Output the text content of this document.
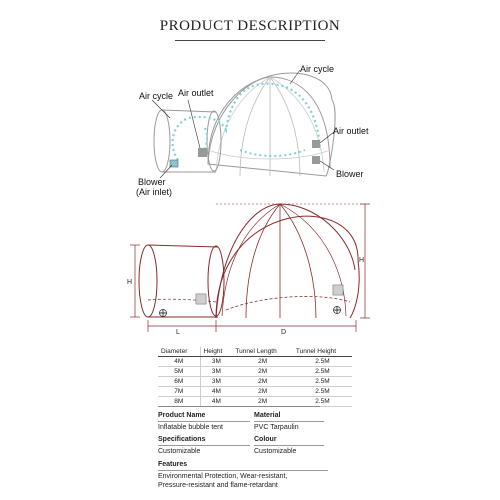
PRODUCT DESCRIPTION
Air cycle Air outlet
Air cycle
Air outlet
Blower
Blower
(Air inlet)
H
H
L	D
Diameter	Height	Tunnel Length	Tunnel Height
4M	3M	2M	2.5M
5M	3M	2M	2.5M
6M	3M	2M	2.5M
7M	4M	2M	2.5M
8M	4M	2M	2.5M
Product Name
Inflatable bubble tent
Material
PVC Tarpaulin
Specifications
Customizable
Colour
Customizable
Features
Environmental Protection, Wear-resistant,
Pressure-resistant and flame-retardant
